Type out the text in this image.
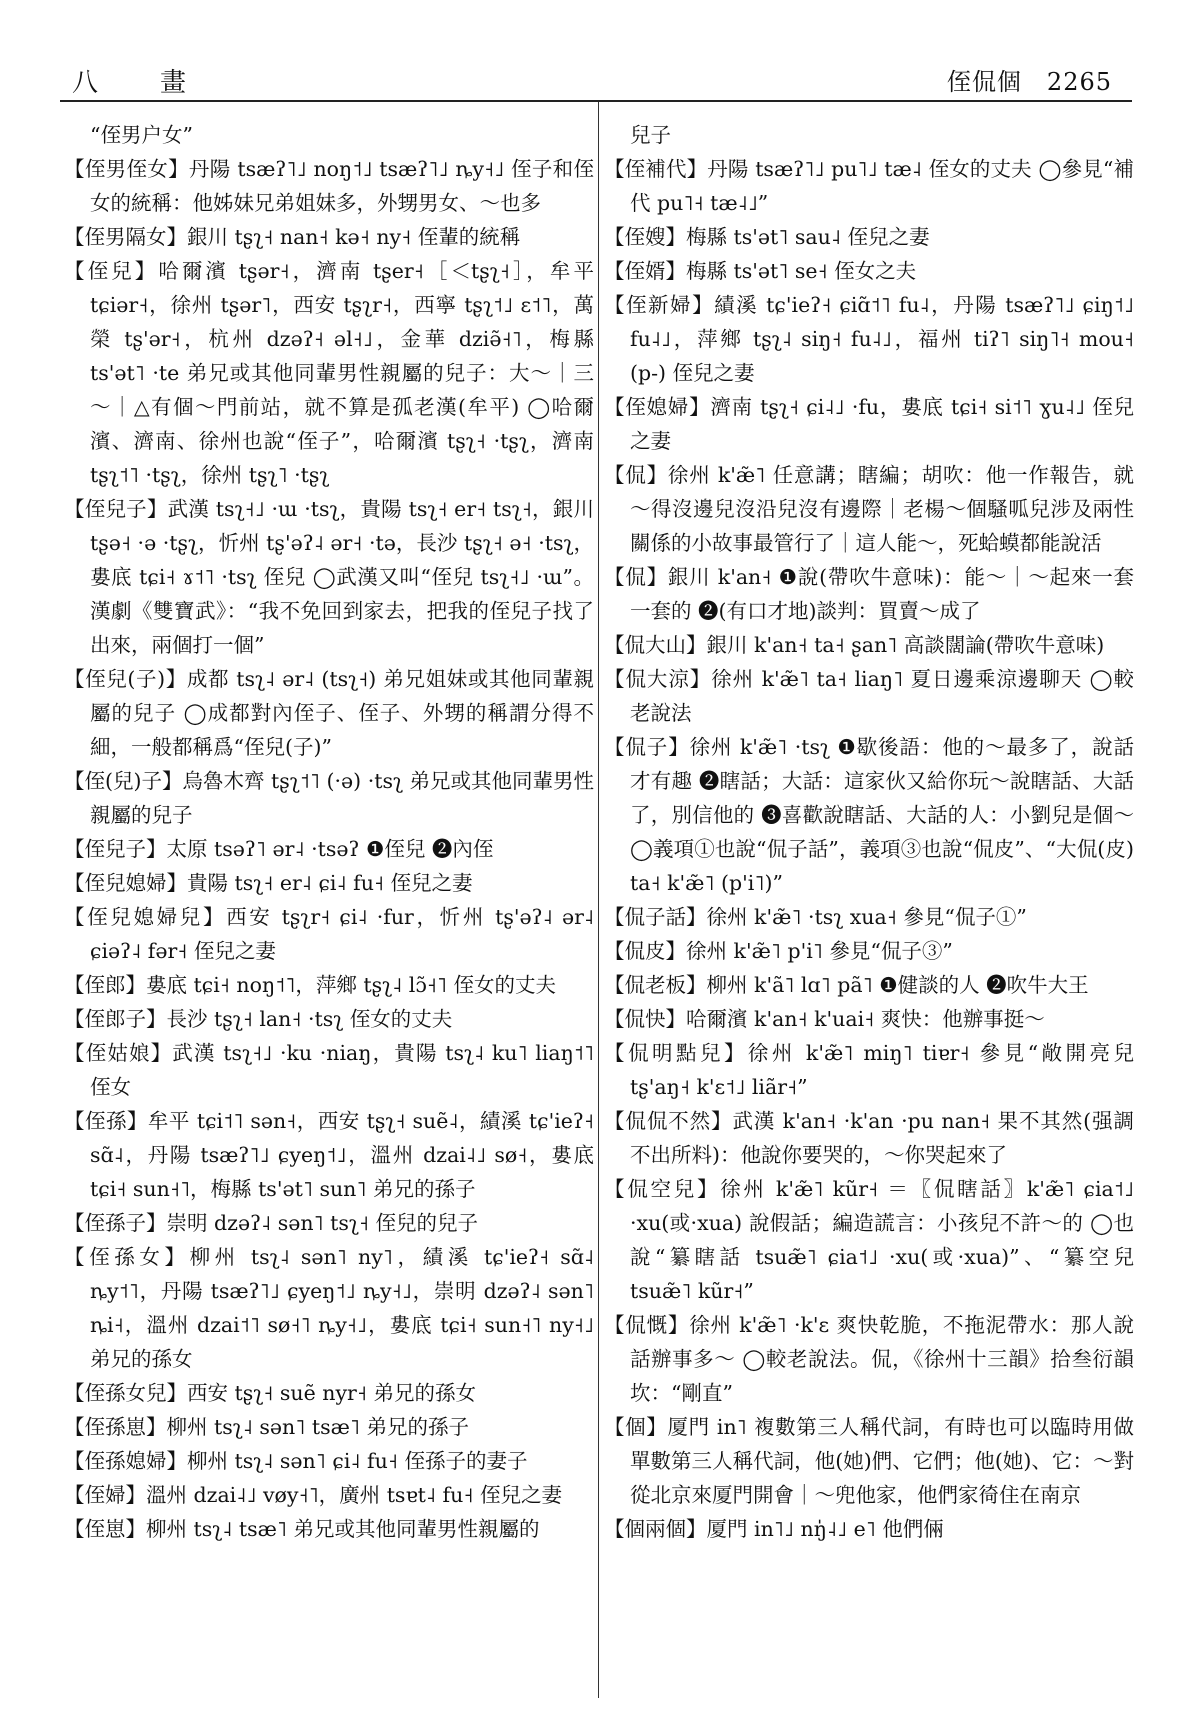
八　畫	侄侃個　2265

“侄男户女”

【侄男侄女】丹陽 tsæʔ˥˩ noŋ˦˩ tsæʔ˥˩ ȵy˧˩ 侄子和侄女的統稱：他姊妹兄弟姐妹多，外甥男女、～也多

【侄男隔女】銀川 tʂʅ˧ nan˧ kə˧ ny˧ 侄輩的統稱

【侄兒】哈爾濱 tʂər˧，濟南 tʂer˧［＜tʂʅ˧］，牟平 tɕiər˧，徐州 tʂər˥，西安 tʂʅr˧，西寧 tʂʅ˦˩ ɛ˦˥，萬榮 tʂ'ər˧，杭州 dzəʔ˧ əl˧˩，金華 dziə̃˧˥，梅縣 ts'ət˥ ·te 弟兄或其他同輩男性親屬的兒子：大～｜三～｜△有個～門前站，就不算是孤老漢(牟平) ◯哈爾濱、濟南、徐州也說“侄子”，哈爾濱 tʂʅ˧ ·tʂʅ，濟南 tʂʅ˦˥ ·tʂʅ，徐州 tʂʅ˥ ·tʂʅ

【侄兒子】武漢 tsʅ˧˩ ·ɯ ·tsʅ，貴陽 tsʅ˧ er˧ tsʅ˧，銀川 tʂə˧ ·ə ·tʂʅ，忻州 tʂ'əʔ˨ ər˧ ·tə，長沙 tʂʅ˧ ə˧ ·tsʅ，婁底 tɕi˧ ɤ˦˥ ·tsʅ 侄兒 ◯武漢又叫“侄兒 tsʅ˧˩ ·ɯ”。漢劇《雙寶武》：“我不免回到家去，把我的侄兒子找了出來，兩個打一個”

【侄兒(子)】成都 tsʅ˨ ər˨ (tsʅ˧) 弟兄姐妹或其他同輩親屬的兒子 ◯成都對內侄子、侄子、外甥的稱謂分得不細，一般都稱爲“侄兒(子)”

【侄(兒)子】烏魯木齊 tʂʅ˦˥ (·ə) ·tsʅ 弟兄或其他同輩男性親屬的兒子

【侄兒子】太原 tsəʔ˥ ər˨ ·tsəʔ ❶侄兒 ❷內侄

【侄兒媳婦】貴陽 tsʅ˧ er˨ ɕi˨ fu˧ 侄兒之妻

【侄兒媳婦兒】西安 tʂʅr˧ ɕi˨ ·fur，忻州 tʂ'əʔ˨ ər˨ ɕiəʔ˨ fər˧ 侄兒之妻

【侄郎】婁底 tɕi˧ noŋ˦˥，萍鄉 tʂʅ˨ lɔ̃˧˥ 侄女的丈夫

【侄郎子】長沙 tʂʅ˧ lan˧ ·tsʅ 侄女的丈夫

【侄姑娘】武漢 tsʅ˧˩ ·ku ·niaŋ，貴陽 tsʅ˨ ku˥ liaŋ˦˥ 侄女

【侄孫】牟平 tɕi˦˥ sən˧，西安 tʂʅ˧ suẽ˨，績溪 tɕ'ieʔ˧ sɑ̃˨，丹陽 tsæʔ˥˩ ɕyeŋ˦˩，溫州 dzai˨˩ sø˧，婁底 tɕi˧ sun˧˥，梅縣 ts'ət˥ sun˥ 弟兄的孫子

【侄孫子】崇明 dzəʔ˨ sən˥ tsʅ˧ 侄兒的兒子

【侄孫女】柳州 tsʅ˨ sən˥ ny˥，績溪 tɕ'ieʔ˧ sɑ̃˨ ȵy˦˥，丹陽 tsæʔ˥˩ ɕyeŋ˦˩ ȵy˧˩，崇明 dzəʔ˨ sən˥ ȵi˧，溫州 dzai˦˥ sø˧˥ ȵy˧˩，婁底 tɕi˧ sun˧˥ ny˧˩ 弟兄的孫女

【侄孫女兒】西安 tʂʅ˧ suẽ nyr˧ 弟兄的孫女

【侄孫崽】柳州 tsʅ˨ sən˥ tsæ˥ 弟兄的孫子

【侄孫媳婦】柳州 tsʅ˨ sən˥ ɕi˨ fu˧ 侄孫子的妻子

【侄婦】溫州 dzai˨˩ vøy˧˥，廣州 tsɐt˨ fu˧ 侄兒之妻

【侄崽】柳州 tsʅ˨ tsæ˥ 弟兄或其他同輩男性親屬的

兒子

【侄補代】丹陽 tsæʔ˥˩ pu˥˩ tæ˨ 侄女的丈夫 ◯參見“補代 pu˥˧ tæ˨˩”

【侄嫂】梅縣 ts'ət˥ sau˨ 侄兒之妻

【侄婿】梅縣 ts'ət˥ se˧ 侄女之夫

【侄新婦】績溪 tɕ'ieʔ˧ ɕiɑ̃˦˥ fu˨，丹陽 tsæʔ˥˩ ɕiŋ˦˩ fu˨˩，萍鄉 tʂʅ˨ siŋ˧ fu˨˩，福州 tiʔ˥ siŋ˥˧ mou˧ (p-) 侄兒之妻

【侄媳婦】濟南 tʂʅ˧ ɕi˨˩ ·fu，婁底 tɕi˧ si˦˥ ɣu˨˩ 侄兒之妻

【侃】徐州 k'æ̃˥ 任意講；瞎編；胡吹：他一作報告，就～得沒邊兒沒沿兒沒有邊際｜老楊～個騷呱兒涉及兩性關係的小故事最管行了｜這人能～，死蛤蟆都能說活

【侃】銀川 k'an˧ ❶說(帶吹牛意味)：能～｜～起來一套一套的 ❷(有口才地)談判：買賣～成了

【侃大山】銀川 k'an˧ ta˧ ʂan˥ 高談闊論(帶吹牛意味)

【侃大涼】徐州 k'æ̃˥ ta˧ liaŋ˥ 夏日邊乘涼邊聊天 ◯較老說法

【侃子】徐州 k'æ̃˥ ·tsʅ ❶歇後語：他的～最多了，說話才有趣 ❷瞎話；大話：這家伙又給你玩～說瞎話、大話了，別信他的 ❸喜歡說瞎話、大話的人：小劉兒是個～ ◯義項①也說“侃子話”，義項③也說“侃皮”、“大侃(皮) ta˧ k'æ̃˥ (p'i˥)”

【侃子話】徐州 k'æ̃˥ ·tsʅ xua˧ 參見“侃子①”

【侃皮】徐州 k'æ̃˥ p'i˥ 參見“侃子③”

【侃老板】柳州 k'ã˥ lɑ˥ pã˥ ❶健談的人 ❷吹牛大王

【侃快】哈爾濱 k'an˧ k'uai˧ 爽快：他辦事挺～

【侃明點兒】徐州 k'æ̃˥ miŋ˥ tiɐr˧ 參見“敞開亮兒 tʂ'aŋ˧ k'ɛ˦˩ liãr˧”

【侃侃不然】武漢 k'an˧ ·k'an ·pu nan˧ 果不其然(强調不出所料)：他說你要哭的，～你哭起來了

【侃空兒】徐州 k'æ̃˥ kũr˧ ＝〖侃瞎話〗k'æ̃˥ ɕia˦˩ ·xu(或·xua) 說假話；編造謊言：小孩兒不許～的 ◯也說“纂瞎話 tsuæ̃˥ ɕia˦˩ ·xu(或·xua)”、“纂空兒 tsuæ̃˥ kũr˧”

【侃慨】徐州 k'æ̃˥ ·k'ɛ 爽快乾脆，不拖泥帶水：那人說話辦事多～ ◯較老說法。侃，《徐州十三韻》拾叁衍韻坎：“剛直”

【個】厦門 in˥ 複數第三人稱代詞，有時也可以臨時用做單數第三人稱代詞，他(她)們、它們；他(她)、它：～對從北京來厦門開會｜～兜他家，他們家徛住在南京

【個兩個】厦門 in˥˩ nŋ̍˨˩ e˥ 他們倆
